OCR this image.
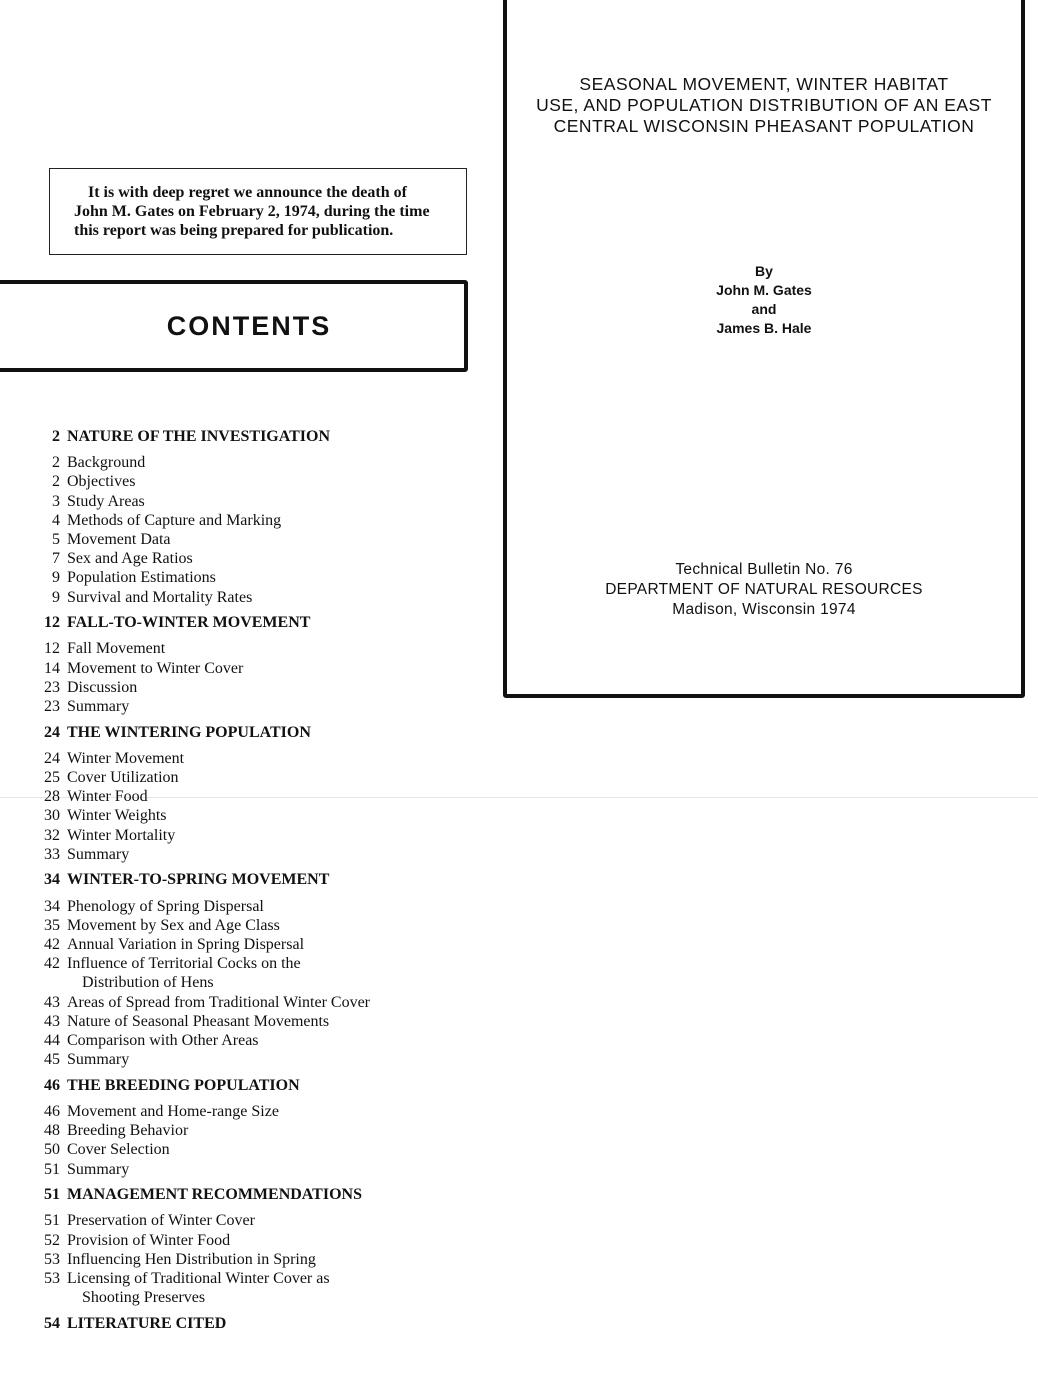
It is with deep regret we announce the death of
John M. Gates on February 2, 1974, during the time
this report was being prepared for publication.
CONTENTS
SEASONAL MOVEMENT, WINTER HABITAT
USE, AND POPULATION DISTRIBUTION OF AN EAST
CENTRAL WISCONSIN PHEASANT POPULATION
By
John M. Gates
and
James B. Hale
Technical Bulletin No. 76
DEPARTMENT OF NATURAL RESOURCES
Madison, Wisconsin 1974
2 NATURE OF THE INVESTIGATION
2 Background
2 Objectives
3 Study Areas
4 Methods of Capture and Marking
5 Movement Data
7 Sex and Age Ratios
9 Population Estimations
9 Survival and Mortality Rates
12 FALL-TO-WINTER MOVEMENT
12 Fall Movement
14 Movement to Winter Cover
23 Discussion
23 Summary
24 THE WINTERING POPULATION
24 Winter Movement
25 Cover Utilization
28 Winter Food
30 Winter Weights
32 Winter Mortality
33 Summary
34 WINTER-TO-SPRING MOVEMENT
34 Phenology of Spring Dispersal
35 Movement by Sex and Age Class
42 Annual Variation in Spring Dispersal
42 Influence of Territorial Cocks on the
Distribution of Hens
43 Areas of Spread from Traditional Winter Cover
43 Nature of Seasonal Pheasant Movements
44 Comparison with Other Areas
45 Summary
46 THE BREEDING POPULATION
46 Movement and Home-range Size
48 Breeding Behavior
50 Cover Selection
51 Summary
51 MANAGEMENT RECOMMENDATIONS
51 Preservation of Winter Cover
52 Provision of Winter Food
53 Influencing Hen Distribution in Spring
53 Licensing of Traditional Winter Cover as
Shooting Preserves
54 LITERATURE CITED
